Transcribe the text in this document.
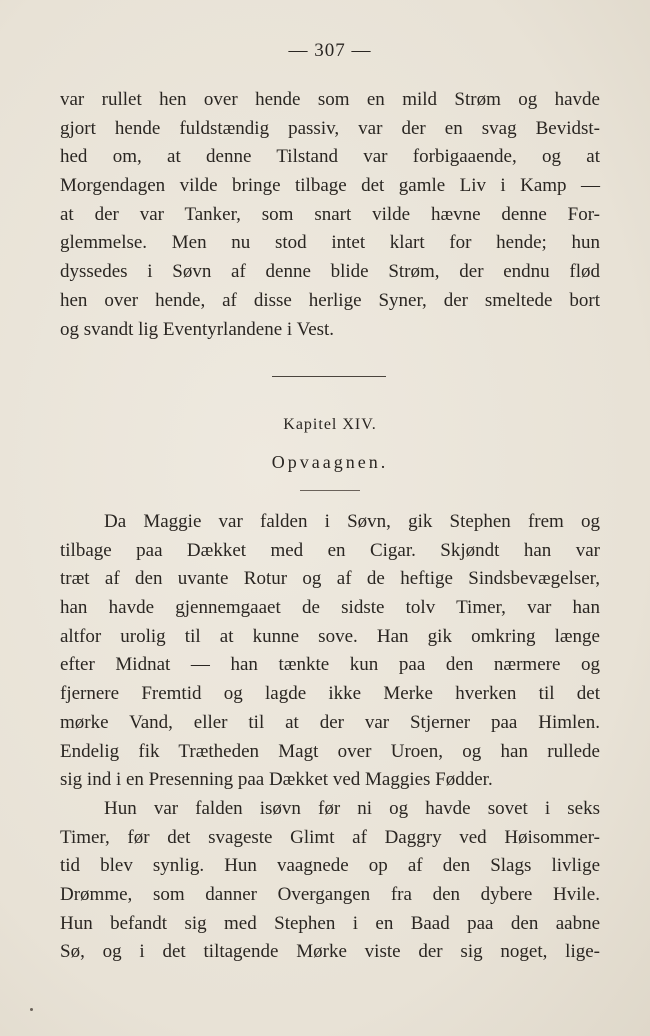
— 307 —
var rullet hen over hende som en mild Strøm og havde
gjort hende fuldstændig passiv, var der en svag Bevidst-
hed om, at denne Tilstand var forbigaaende, og at
Morgendagen vilde bringe tilbage det gamle Liv i Kamp —
at der var Tanker, som snart vilde hævne denne For-
glemmelse. Men nu stod intet klart for hende; hun
dyssedes i Søvn af denne blide Strøm, der endnu flød
hen over hende, af disse herlige Syner, der smeltede bort
og svandt lig Eventyrlandene i Vest.
Kapitel XIV.
Opvaagnen.
Da Maggie var falden i Søvn, gik Stephen frem og
tilbage paa Dækket med en Cigar. Skjøndt han var
træt af den uvante Rotur og af de heftige Sindsbevægelser,
han havde gjennemgaaet de sidste tolv Timer, var han
altfor urolig til at kunne sove. Han gik omkring længe
efter Midnat — han tænkte kun paa den nærmere og
fjernere Fremtid og lagde ikke Merke hverken til det
mørke Vand, eller til at der var Stjerner paa Himlen.
Endelig fik Trætheden Magt over Uroen, og han rullede
sig ind i en Presenning paa Dækket ved Maggies Fødder.
Hun var falden isøvn før ni og havde sovet i seks
Timer, før det svageste Glimt af Daggry ved Høisommer-
tid blev synlig. Hun vaagnede op af den Slags livlige
Drømme, som danner Overgangen fra den dybere Hvile.
Hun befandt sig med Stephen i en Baad paa den aabne
Sø, og i det tiltagende Mørke viste der sig noget, lige-
